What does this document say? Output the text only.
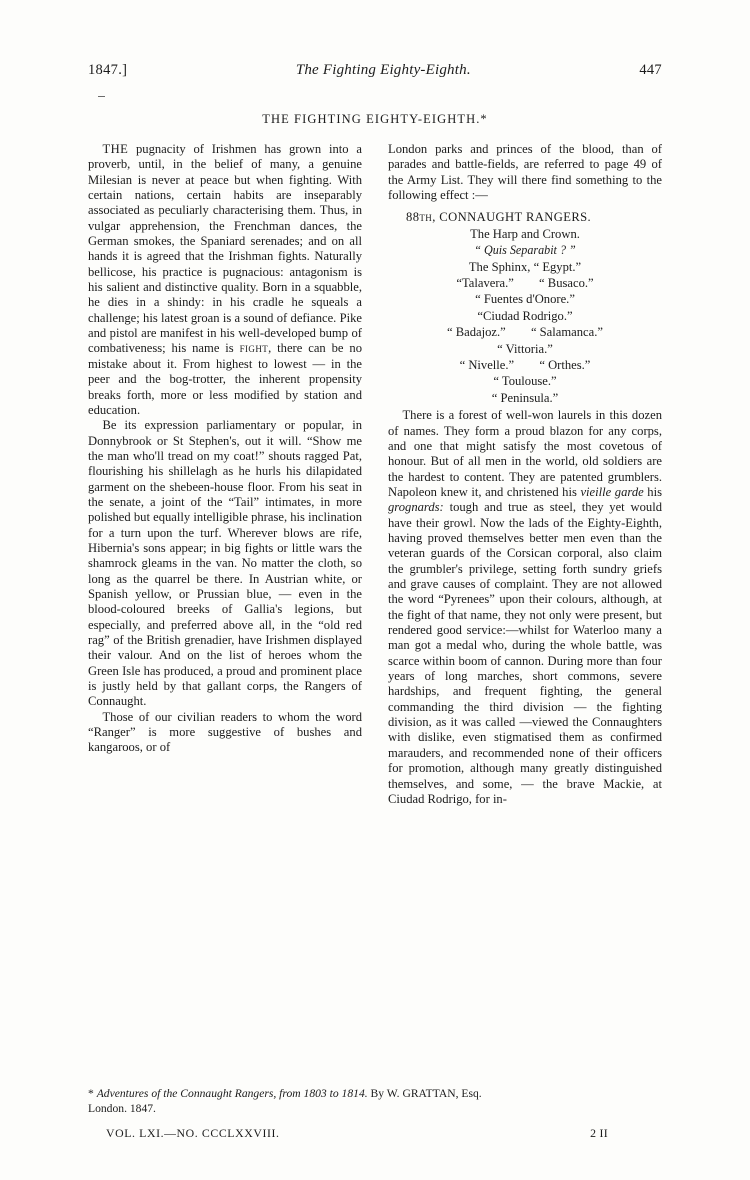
1847.]	The Fighting Eighty-Eighth.	447
THE FIGHTING EIGHTY-EIGHTH.*

THE pugnacity of Irishmen has grown into a proverb, until, in the belief of many, a genuine Milesian is never at peace but when fighting. With certain nations, certain habits are inseparably associated as peculiarly characterising them. Thus, in vulgar apprehension, the Frenchman dances, the German smokes, the Spaniard serenades; and on all hands it is agreed that the Irishman fights. Naturally bellicose, his practice is pugnacious: antagonism is his salient and distinctive quality. Born in a squabble, he dies in a shindy: in his cradle he squeals a challenge; his latest groan is a sound of defiance. Pike and pistol are manifest in his well-developed bump of combativeness; his name is fight, there can be no mistake about it. From highest to lowest — in the peer and the bog-trotter, the inherent propensity breaks forth, more or less modified by station and education.

Be its expression parliamentary or popular, in Donnybrook or St Stephen's, out it will. “Show me the man who'll tread on my coat!” shouts ragged Pat, flourishing his shillelagh as he hurls his dilapidated garment on the shebeen-house floor. From his seat in the senate, a joint of the “Tail” intimates, in more polished but equally intelligible phrase, his inclination for a turn upon the turf. Wherever blows are rife, Hibernia's sons appear; in big fights or little wars the shamrock gleams in the van. No matter the cloth, so long as the quarrel be there. In Austrian white, or Spanish yellow, or Prussian blue, — even in the blood-coloured breeks of Gallia's legions, but especially, and preferred above all, in the “old red rag” of the British grenadier, have Irishmen displayed their valour. And on the list of heroes whom the Green Isle has produced, a proud and prominent place is justly held by that gallant corps, the Rangers of Connaught.

Those of our civilian readers to whom the word “Ranger” is more suggestive of bushes and kangaroos, or of

London parks and princes of the blood, than of parades and battle-fields, are referred to page 49 of the Army List. They will there find something to the following effect :—

88th, CONNAUGHT RANGERS.
The Harp and Crown.
“ Quis Separabit ? ”
The Sphinx, “ Egypt.”
“Talavera.”  “ Busaco.”
“ Fuentes d'Onore.”
“Ciudad Rodrigo.”
“ Badajoz.”  “ Salamanca.”
“ Vittoria.”
“ Nivelle.”  “ Orthes.”
“ Toulouse.”
“ Peninsula.”

There is a forest of well-won laurels in this dozen of names. They form a proud blazon for any corps, and one that might satisfy the most covetous of honour. But of all men in the world, old soldiers are the hardest to content. They are patented grumblers. Napoleon knew it, and christened his vieille garde his grognards: tough and true as steel, they yet would have their growl. Now the lads of the Eighty-Eighth, having proved themselves better men even than the veteran guards of the Corsican corporal, also claim the grumbler's privilege, setting forth sundry griefs and grave causes of complaint. They are not allowed the word “Pyrenees” upon their colours, although, at the fight of that name, they not only were present, but rendered good service:—whilst for Waterloo many a man got a medal who, during the whole battle, was scarce within boom of cannon. During more than four years of long marches, short commons, severe hardships, and frequent fighting, the general commanding the third division — the fighting division, as it was called —viewed the Connaughters with dislike, even stigmatised them as confirmed marauders, and recommended none of their officers for promotion, although many greatly distinguished themselves, and some, — the brave Mackie, at Ciudad Rodrigo, for in-

* Adventures of the Connaught Rangers, from 1803 to 1814. By W. GRATTAN, Esq.
London. 1847.
VOL. LXI.—NO. CCCLXXVIII.	2 II
